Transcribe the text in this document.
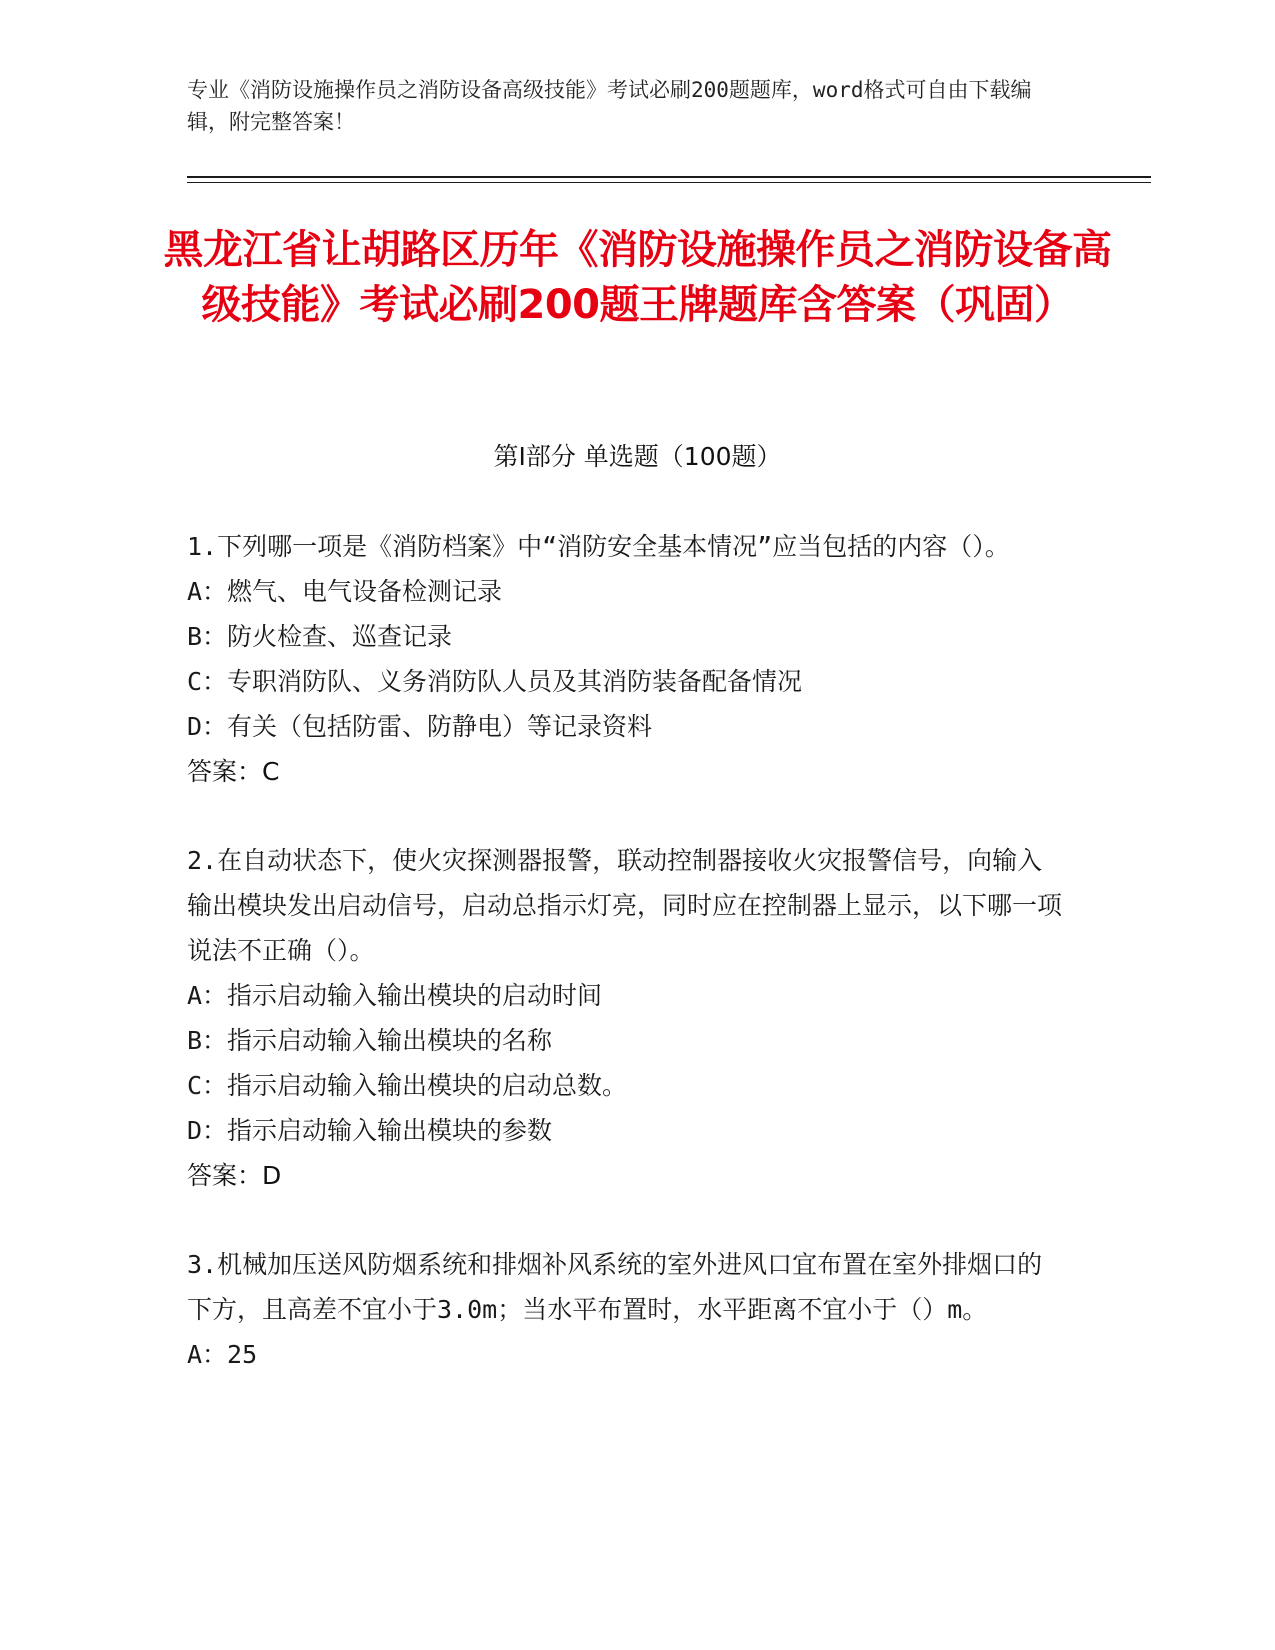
专业《消防设施操作员之消防设备高级技能》考试必刷200题题库，word格式可自由下载编辑，附完整答案！
黑龙江省让胡路区历年《消防设施操作员之消防设备高级技能》考试必刷200题王牌题库含答案（巩固）
第Ⅰ部分 单选题（100题）
1.下列哪一项是《消防档案》中“消防安全基本情况”应当包括的内容（）。
A：燃气、电气设备检测记录
B：防火检查、巡查记录
C：专职消防队、义务消防队人员及其消防装备配备情况
D：有关（包括防雷、防静电）等记录资料
答案：C
2.在自动状态下，使火灾探测器报警，联动控制器接收火灾报警信号，向输入输出模块发出启动信号，启动总指示灯亮，同时应在控制器上显示，以下哪一项说法不正确（）。
A：指示启动输入输出模块的启动时间
B：指示启动输入输出模块的名称
C：指示启动输入输出模块的启动总数。
D：指示启动输入输出模块的参数
答案：D
3.机械加压送风防烟系统和排烟补风系统的室外进风口宜布置在室外排烟口的下方，且高差不宜小于3.0m；当水平布置时，水平距离不宜小于（）m。
A：25
